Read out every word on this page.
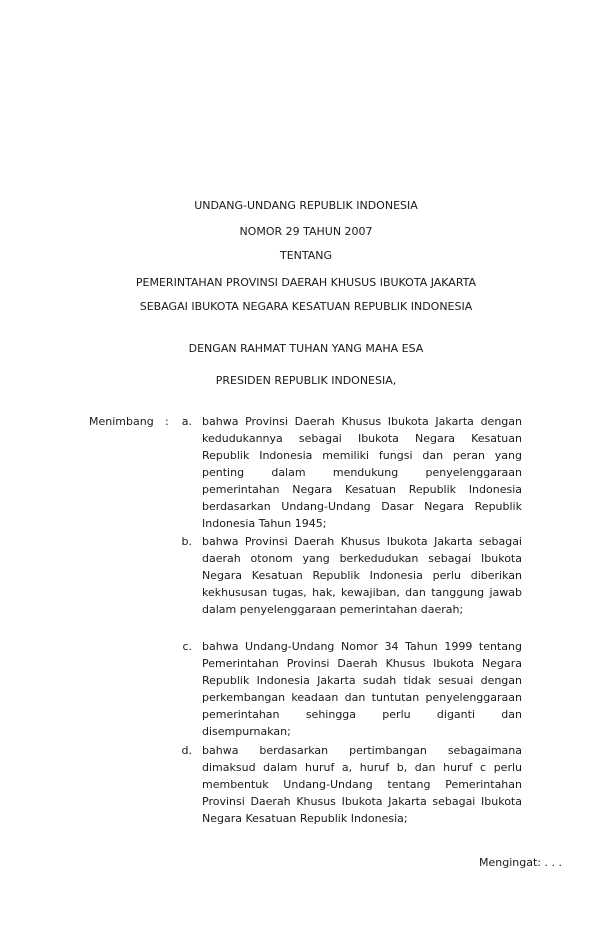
UNDANG-UNDANG REPUBLIK INDONESIA
NOMOR 29 TAHUN 2007
TENTANG
PEMERINTAHAN PROVINSI DAERAH KHUSUS IBUKOTA JAKARTA
SEBAGAI IBUKOTA NEGARA KESATUAN REPUBLIK INDONESIA
DENGAN RAHMAT TUHAN YANG MAHA ESA
PRESIDEN REPUBLIK INDONESIA,
Menimbang :	a. bahwa Provinsi Daerah Khusus Ibukota Jakarta dengan kedudukannya sebagai Ibukota Negara Kesatuan Republik Indonesia memiliki fungsi dan peran yang penting dalam mendukung penyelenggaraan pemerintahan Negara Kesatuan Republik Indonesia berdasarkan Undang-Undang Dasar Negara Republik Indonesia Tahun 1945;
b. bahwa Provinsi Daerah Khusus Ibukota Jakarta sebagai daerah otonom yang berkedudukan sebagai Ibukota Negara Kesatuan Republik Indonesia perlu diberikan kekhususan tugas, hak, kewajiban, dan tanggung jawab dalam penyelenggaraan pemerintahan daerah;
c. bahwa Undang-Undang Nomor 34 Tahun 1999 tentang Pemerintahan Provinsi Daerah Khusus Ibukota Negara Republik Indonesia Jakarta sudah tidak sesuai dengan perkembangan keadaan dan tuntutan penyelenggaraan pemerintahan sehingga perlu diganti dan disempurnakan;
d. bahwa berdasarkan pertimbangan sebagaimana dimaksud dalam huruf a, huruf b, dan huruf c perlu membentuk Undang-Undang tentang Pemerintahan Provinsi Daerah Khusus Ibukota Jakarta sebagai Ibukota Negara Kesatuan Republik Indonesia;
Mengingat: . . .
